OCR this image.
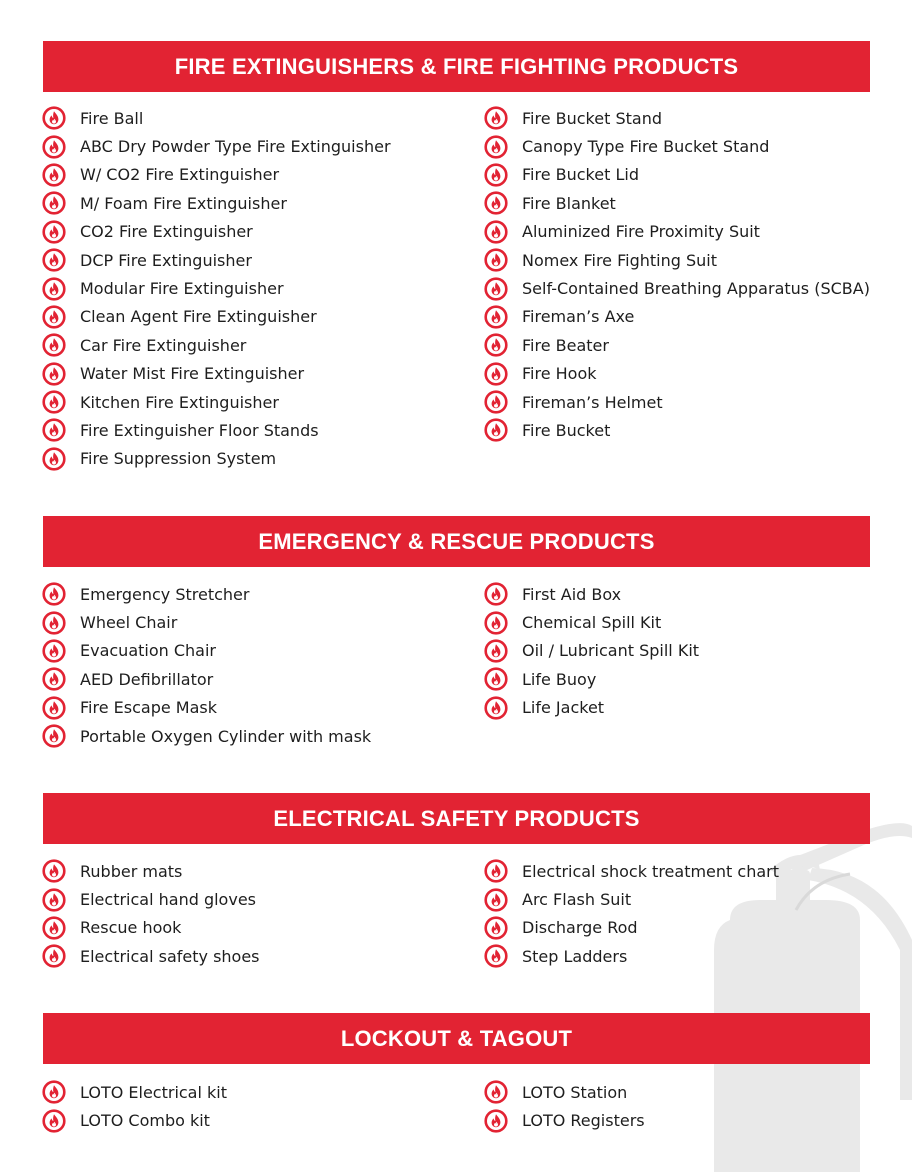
FIRE EXTINGUISHERS & FIRE FIGHTING PRODUCTS
Fire Ball
ABC Dry Powder Type Fire Extinguisher
W/ CO2 Fire Extinguisher
M/ Foam Fire Extinguisher
CO2 Fire Extinguisher
DCP Fire Extinguisher
Modular Fire Extinguisher
Clean Agent Fire Extinguisher
Car Fire Extinguisher
Water Mist Fire Extinguisher
Kitchen Fire Extinguisher
Fire Extinguisher Floor Stands
Fire Suppression System
Fire Bucket Stand
Canopy Type Fire Bucket Stand
Fire Bucket Lid
Fire Blanket
Aluminized Fire Proximity Suit
Nomex Fire Fighting Suit
Self-Contained Breathing Apparatus (SCBA)
Fireman’s Axe
Fire Beater
Fire Hook
Fireman’s Helmet
Fire Bucket
EMERGENCY & RESCUE PRODUCTS
Emergency Stretcher
Wheel Chair
Evacuation Chair
AED Defibrillator
Fire Escape Mask
Portable Oxygen Cylinder with mask
First Aid Box
Chemical Spill Kit
Oil / Lubricant Spill Kit
Life Buoy
Life Jacket
ELECTRICAL SAFETY PRODUCTS
Rubber mats
Electrical hand gloves
Rescue hook
Electrical safety shoes
Electrical shock treatment chart
Arc Flash Suit
Discharge Rod
Step Ladders
LOCKOUT & TAGOUT
LOTO Electrical kit
LOTO Combo kit
LOTO Station
LOTO Registers
